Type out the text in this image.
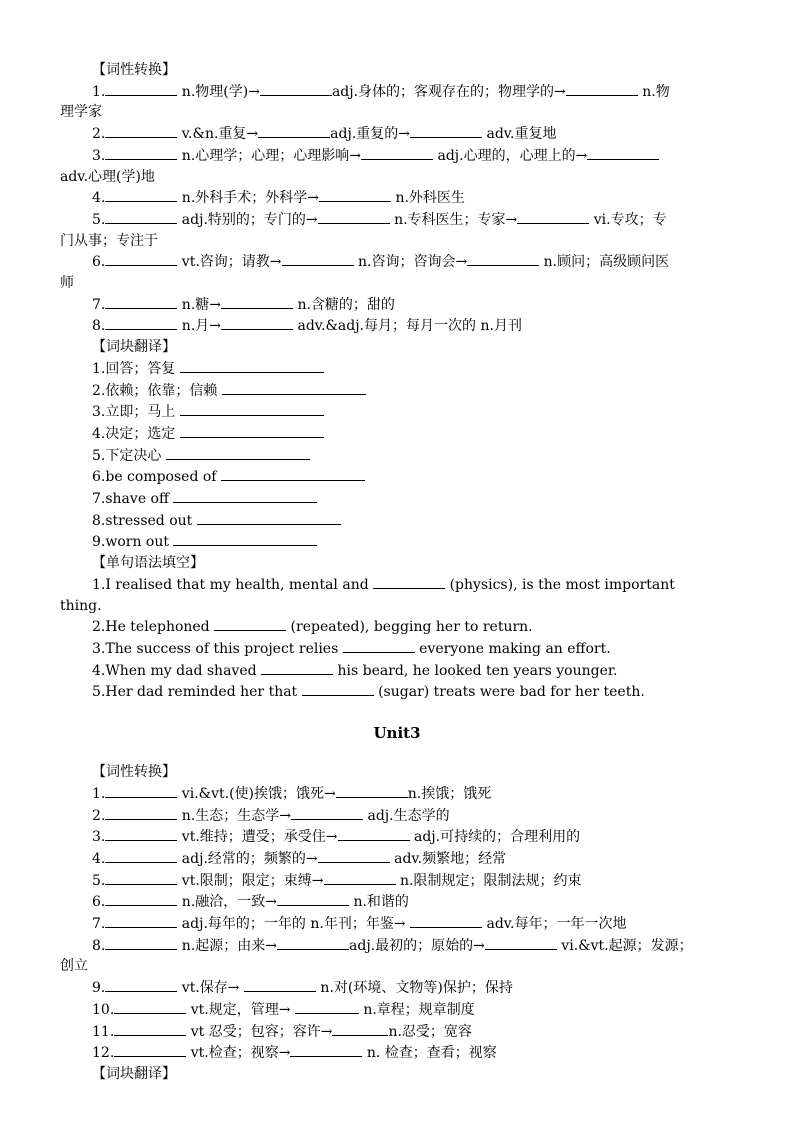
【词性转换】
1.	n.物理(学)→	adj.身体的；客观存在的；物理学的→	n.物
理学家
2.	v.&n.重复→	adj.重复的→	adv.重复地
3.	n.心理学；心理；心理影响→	adj.心理的，心理上的→
adv.心理(学)地
4.	n.外科手术；外科学→	n.外科医生
5.	adj.特别的；专门的→	n.专科医生；专家→	vi.专攻；专
门从事；专注于
6.	vt.咨询；请教→	n.咨询；咨询会→	n.顾问；高级顾问医
师
7.	n.糖→	n.含糖的；甜的
8.	n.月→	adv.&adj.每月；每月一次的 n.月刊
【词块翻译】
1.回答；答复
2.依赖；依靠；信赖
3.立即；马上
4.决定；选定
5.下定决心
6.be composed of
7.shave off
8.stressed out
9.worn out
【单句语法填空】
1.I realised that my health, mental and	(physics), is the most important
thing.
2.He telephoned	(repeated), begging her to return.
3.The success of this project relies	everyone making an effort.
4.When my dad shaved	his beard, he looked ten years younger.
5.Her dad reminded her that	(sugar) treats were bad for her teeth.
Unit3
【词性转换】
1.	vi.&vt.(使)挨饿；饿死→	n.挨饿；饿死
2.	n.生态；生态学→	adj.生态学的
3.	vt.维持；遭受；承受住→	adj.可持续的；合理利用的
4.	adj.经常的；频繁的→	adv.频繁地；经常
5.	vt.限制；限定；束缚→	n.限制规定；限制法规；约束
6.	n.融洽，一致→	n.和谐的
7.	adj.每年的；一年的 n.年刊；年鉴→	adv.每年；一年一次地
8.	n.起源；由来→	adj.最初的；原始的→	vi.&vt.起源；发源；
创立
9.	vt.保存→	n.对(环境、文物等)保护；保持
10.	vt.规定，管理→	n.章程；规章制度
11.	vt 忍受；包容；容许→	n.忍受；宽容
12.	vt.检查；视察→	n. 检查；查看；视察
【词块翻译】
